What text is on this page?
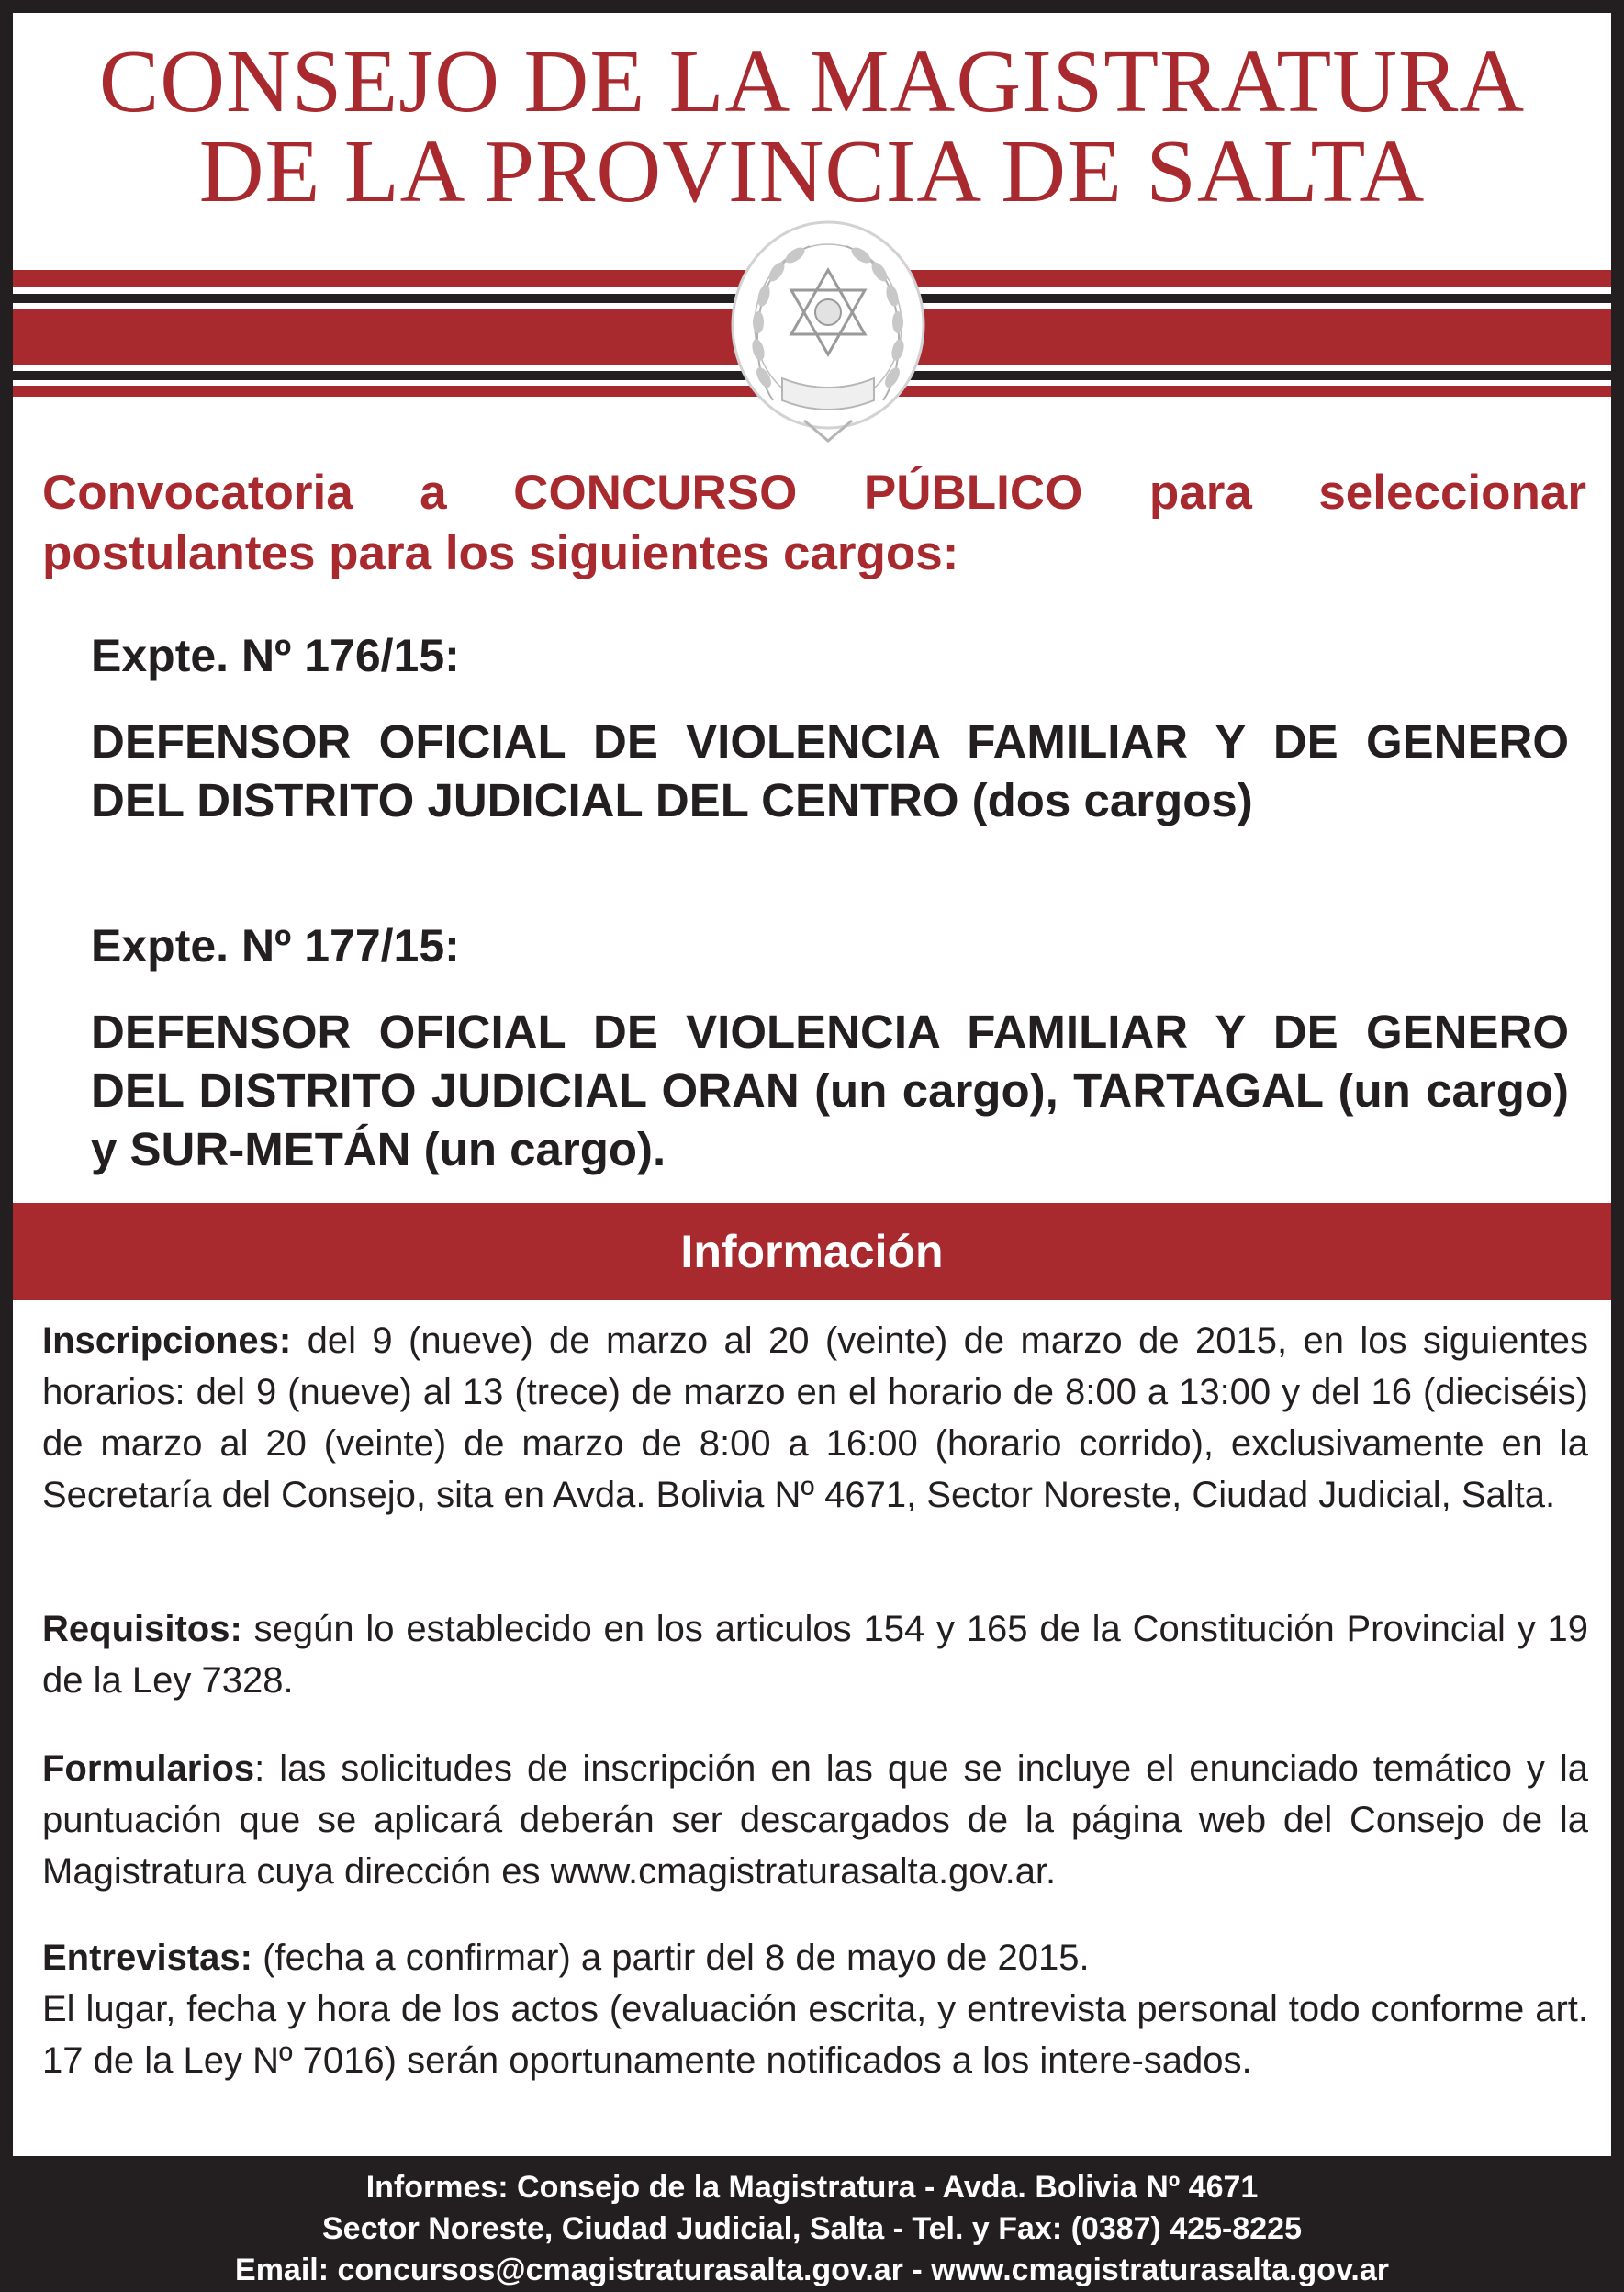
CONSEJO DE LA MAGISTRATURA
DE LA PROVINCIA DE SALTA
Convocatoria a CONCURSO PÚBLICO para seleccionar postulantes para los siguientes cargos:
Expte. Nº 176/15:
DEFENSOR OFICIAL DE VIOLENCIA FAMILIAR Y DE GENERO DEL DISTRITO JUDICIAL DEL CENTRO (dos cargos)
Expte. Nº 177/15:
DEFENSOR OFICIAL DE VIOLENCIA FAMILIAR Y DE GENERO DEL DISTRITO JUDICIAL ORAN (un cargo), TARTAGAL (un cargo) y SUR-METÁN (un cargo).
Información
Inscripciones: del 9 (nueve) de marzo al 20 (veinte) de marzo de 2015, en los siguientes horarios: del 9 (nueve) al 13 (trece) de marzo en el horario de 8:00 a 13:00 y del 16 (dieciséis) de marzo al 20 (veinte) de marzo de 8:00 a 16:00 (horario corrido), exclusivamente en la Secretaría del Consejo, sita en Avda. Bolivia Nº 4671, Sector Noreste, Ciudad Judicial, Salta.
Requisitos: según lo establecido en los articulos 154 y 165 de la Constitución Provincial y 19 de la Ley 7328.
Formularios: las solicitudes de inscripción en las que se incluye el enunciado temático y la puntuación que se aplicará deberán ser descargados de la página web del Consejo de la Magistratura cuya dirección es www.cmagistraturasalta.gov.ar.
Entrevistas: (fecha a confirmar) a partir del 8 de mayo de 2015.
El lugar, fecha y hora de los actos (evaluación escrita, y entrevista personal todo conforme art. 17 de la Ley Nº 7016) serán oportunamente notificados a los intere-sados.
Informes: Consejo de la Magistratura - Avda. Bolivia Nº 4671
Sector Noreste, Ciudad Judicial, Salta - Tel. y Fax: (0387) 425-8225
Email: concursos@cmagistraturasalta.gov.ar - www.cmagistraturasalta.gov.ar
